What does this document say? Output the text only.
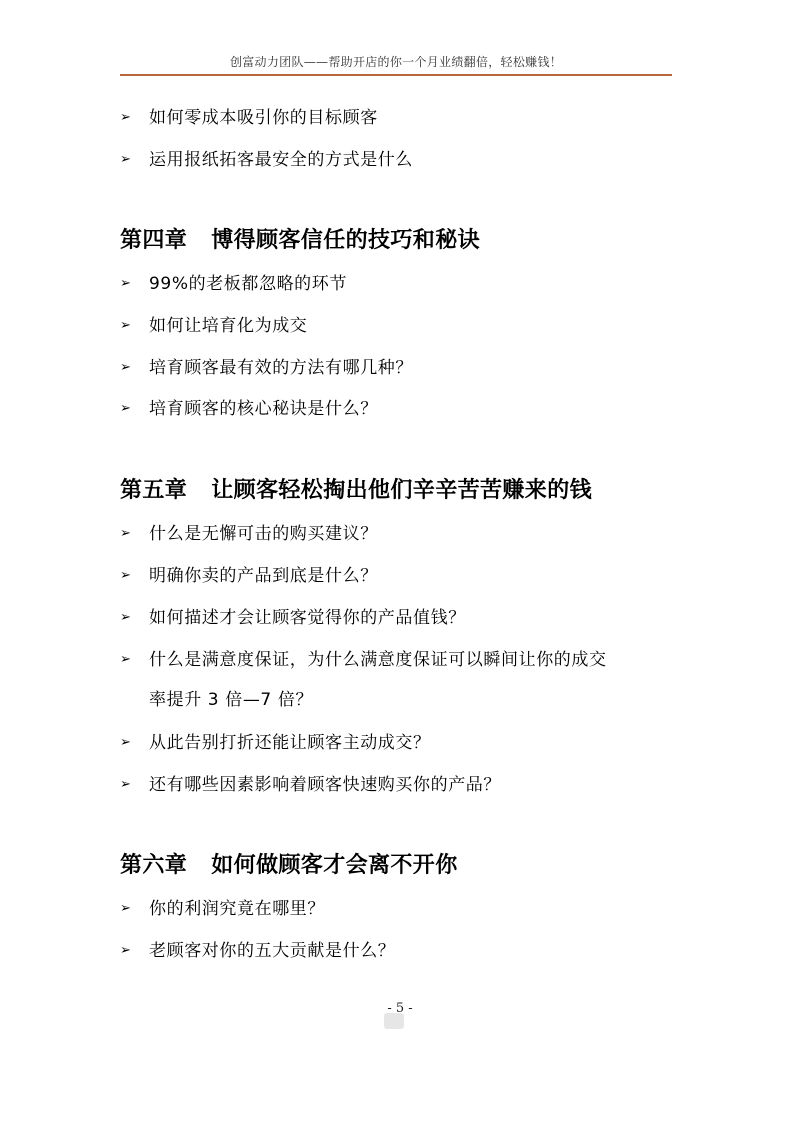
创富动力团队——帮助开店的你一个月业绩翻倍，轻松赚钱！
➢	如何零成本吸引你的目标顾客
➢	运用报纸拓客最安全的方式是什么
第四章 博得顾客信任的技巧和秘诀
➢	99%的老板都忽略的环节
➢	如何让培育化为成交
➢	培育顾客最有效的方法有哪几种？
➢	培育顾客的核心秘诀是什么？
第五章 让顾客轻松掏出他们辛辛苦苦赚来的钱
➢	什么是无懈可击的购买建议？
➢	明确你卖的产品到底是什么？
➢	如何描述才会让顾客觉得你的产品值钱？
➢	什么是满意度保证，为什么满意度保证可以瞬间让你的成交
率提升 3 倍—7 倍？
➢	从此告别打折还能让顾客主动成交？
➢	还有哪些因素影响着顾客快速购买你的产品？
第六章 如何做顾客才会离不开你
➢	你的利润究竟在哪里？
➢	老顾客对你的五大贡献是什么？
- 5 -
